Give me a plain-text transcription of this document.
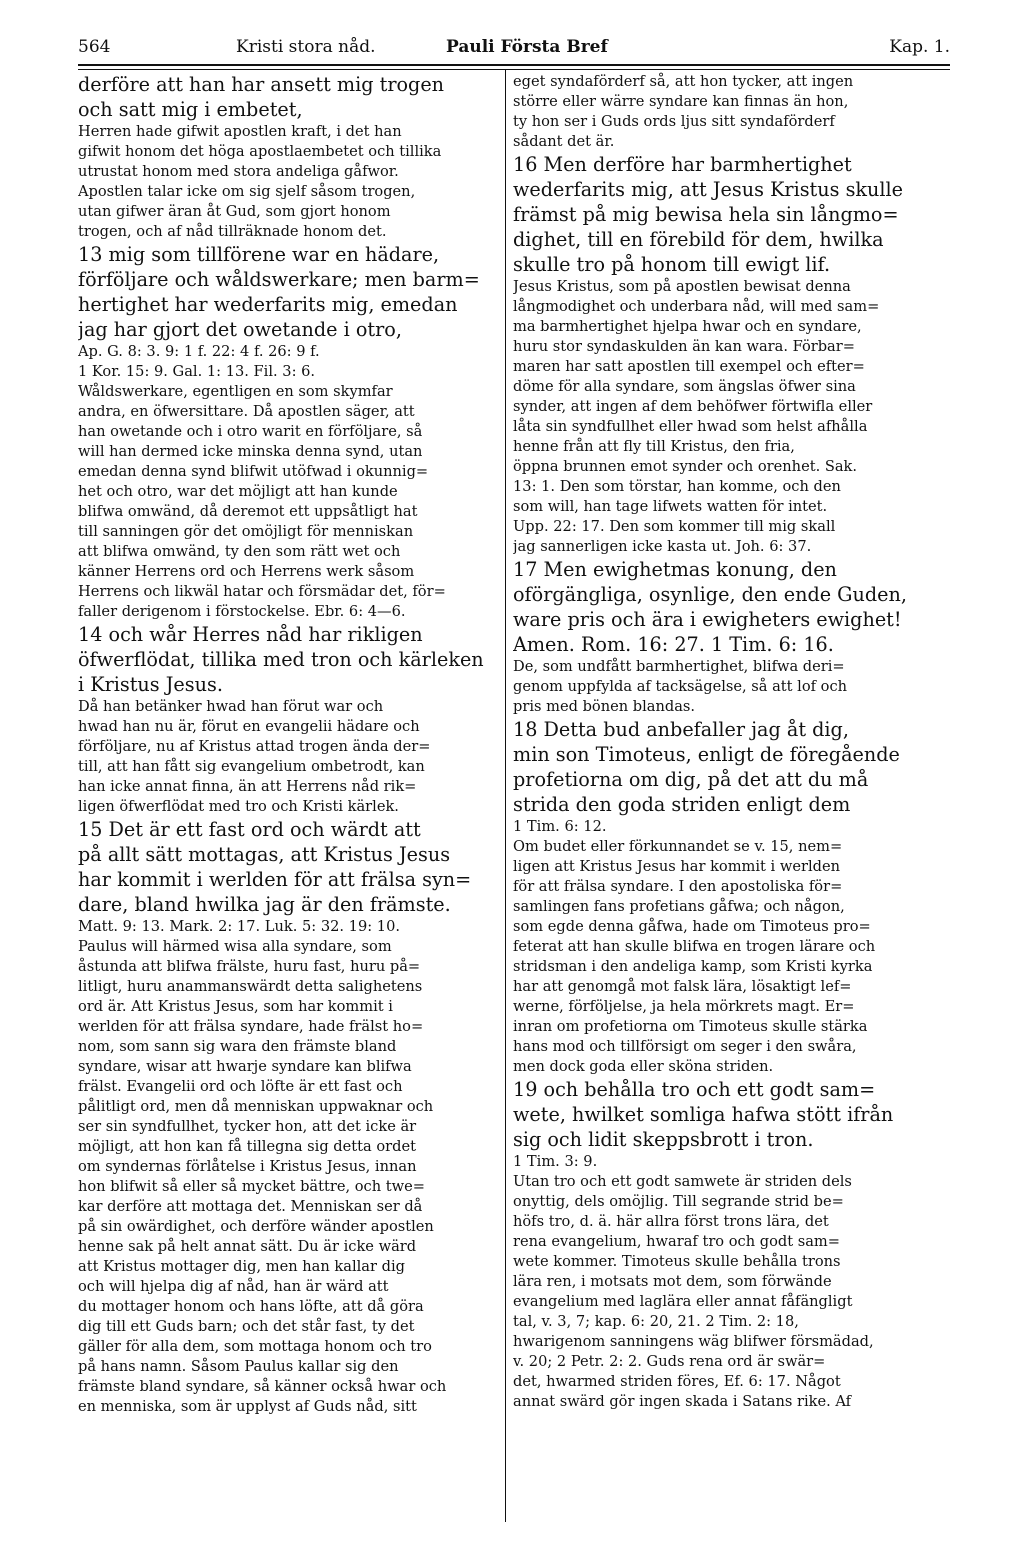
564	Kristi stora nåd.	Pauli Första Bref	Kap. 1.
derföre att han har ansett mig trogen
och satt mig i embetet,
Herren hade gifwit apostlen kraft, i det han
gifwit honom det höga apostlaembetet och tillika
utrustat honom med stora andeliga gåfwor.
Apostlen talar icke om sig sjelf såsom trogen,
utan gifwer äran åt Gud, som gjort honom
trogen, och af nåd tillräknade honom det.
13 mig som tillförene war en hädare,
förföljare och wåldswerkare; men barm=
hertighet har wederfarits mig, emedan
jag har gjort det owetande i otro,
Ap. G. 8: 3. 9: 1 f. 22: 4 f. 26: 9 f.
1 Kor. 15: 9. Gal. 1: 13. Fil. 3: 6.
Wåldswerkare, egentligen en som skymfar
andra, en öfwersittare. Då apostlen säger, att
han owetande och i otro warit en förföljare, så
will han dermed icke minska denna synd, utan
emedan denna synd blifwit utöfwad i okunnig=
het och otro, war det möjligt att han kunde
blifwa omwänd, då deremot ett uppsåtligt hat
till sanningen gör det omöjligt för menniskan
att blifwa omwänd, ty den som rätt wet och
känner Herrens ord och Herrens werk såsom
Herrens och likwäl hatar och försmädar det, för=
faller derigenom i förstockelse. Ebr. 6: 4—6.
14 och wår Herres nåd har rikligen
öfwerflödat, tillika med tron och kärleken
i Kristus Jesus.
Då han betänker hwad han förut war och
hwad han nu är, förut en evangelii hädare och
förföljare, nu af Kristus attad trogen ända der=
till, att han fått sig evangelium ombetrodt, kan
han icke annat finna, än att Herrens nåd rik=
ligen öfwerflödat med tro och Kristi kärlek.
15 Det är ett fast ord och wärdt att
på allt sätt mottagas, att Kristus Jesus
har kommit i werlden för att frälsa syn=
dare, bland hwilka jag är den främste.
Matt. 9: 13. Mark. 2: 17. Luk. 5: 32. 19: 10.
Paulus will härmed wisa alla syndare, som
åstunda att blifwa frälste, huru fast, huru på=
litligt, huru anammanswärdt detta salighetens
ord är. Att Kristus Jesus, som har kommit i
werlden för att frälsa syndare, hade frälst ho=
nom, som sann sig wara den främste bland
syndare, wisar att hwarje syndare kan blifwa
frälst. Evangelii ord och löfte är ett fast och
pålitligt ord, men då menniskan uppwaknar och
ser sin syndfullhet, tycker hon, att det icke är
möjligt, att hon kan få tillegna sig detta ordet
om syndernas förlåtelse i Kristus Jesus, innan
hon blifwit så eller så mycket bättre, och twe=
kar derföre att mottaga det. Menniskan ser då
på sin owärdighet, och derföre wänder apostlen
henne sak på helt annat sätt. Du är icke wärd
att Kristus mottager dig, men han kallar dig
och will hjelpa dig af nåd, han är wärd att
du mottager honom och hans löfte, att då göra
dig till ett Guds barn; och det står fast, ty det
gäller för alla dem, som mottaga honom och tro
på hans namn. Såsom Paulus kallar sig den
främste bland syndare, så känner också hwar och
en menniska, som är upplyst af Guds nåd, sitt
eget syndaförderf så, att hon tycker, att ingen
större eller wärre syndare kan finnas än hon,
ty hon ser i Guds ords ljus sitt syndaförderf
sådant det är.
16 Men derföre har barmhertighet
wederfarits mig, att Jesus Kristus skulle
främst på mig bewisa hela sin långmo=
dighet, till en förebild för dem, hwilka
skulle tro på honom till ewigt lif.
Jesus Kristus, som på apostlen bewisat denna
långmodighet och underbara nåd, will med sam=
ma barmhertighet hjelpa hwar och en syndare,
huru stor syndaskulden än kan wara. Förbar=
maren har satt apostlen till exempel och efter=
döme för alla syndare, som ängslas öfwer sina
synder, att ingen af dem behöfwer förtwifla eller
låta sin syndfullhet eller hwad som helst afhålla
henne från att fly till Kristus, den fria,
öppna brunnen emot synder och orenhet. Sak.
13: 1. Den som törstar, han komme, och den
som will, han tage lifwets watten för intet.
Upp. 22: 17. Den som kommer till mig skall
jag sannerligen icke kasta ut. Joh. 6: 37.
17 Men ewighetmas konung, den
oförgängliga, osynlige, den ende Guden,
ware pris och ära i ewigheters ewighet!
Amen. Rom. 16: 27. 1 Tim. 6: 16.
De, som undfått barmhertighet, blifwa deri=
genom uppfylda af tacksägelse, så att lof och
pris med bönen blandas.
18 Detta bud anbefaller jag åt dig,
min son Timoteus, enligt de föregående
profetiorna om dig, på det att du må
strida den goda striden enligt dem
1 Tim. 6: 12.
Om budet eller förkunnandet se v. 15, nem=
ligen att Kristus Jesus har kommit i werlden
för att frälsa syndare. I den apostoliska för=
samlingen fans profetians gåfwa; och någon,
som egde denna gåfwa, hade om Timoteus pro=
feterat att han skulle blifwa en trogen lärare och
stridsman i den andeliga kamp, som Kristi kyrka
har att genomgå mot falsk lära, lösaktigt lef=
werne, förföljelse, ja hela mörkrets magt. Er=
inran om profetiorna om Timoteus skulle stärka
hans mod och tillförsigt om seger i den swåra,
men dock goda eller sköna striden.
19 och behålla tro och ett godt sam=
wete, hwilket somliga hafwa stött ifrån
sig och lidit skeppsbrott i tron.
1 Tim. 3: 9.
Utan tro och ett godt samwete är striden dels
onyttig, dels omöjlig. Till segrande strid be=
höfs tro, d. ä. här allra först trons lära, det
rena evangelium, hwaraf tro och godt sam=
wete kommer. Timoteus skulle behålla trons
lära ren, i motsats mot dem, som förwände
evangelium med laglära eller annat fåfängligt
tal, v. 3, 7; kap. 6: 20, 21. 2 Tim. 2: 18,
hwarigenom sanningens wäg blifwer försmädad,
v. 20; 2 Petr. 2: 2. Guds rena ord är swär=
det, hwarmed striden föres, Ef. 6: 17. Något
annat swärd gör ingen skada i Satans rike. Af
